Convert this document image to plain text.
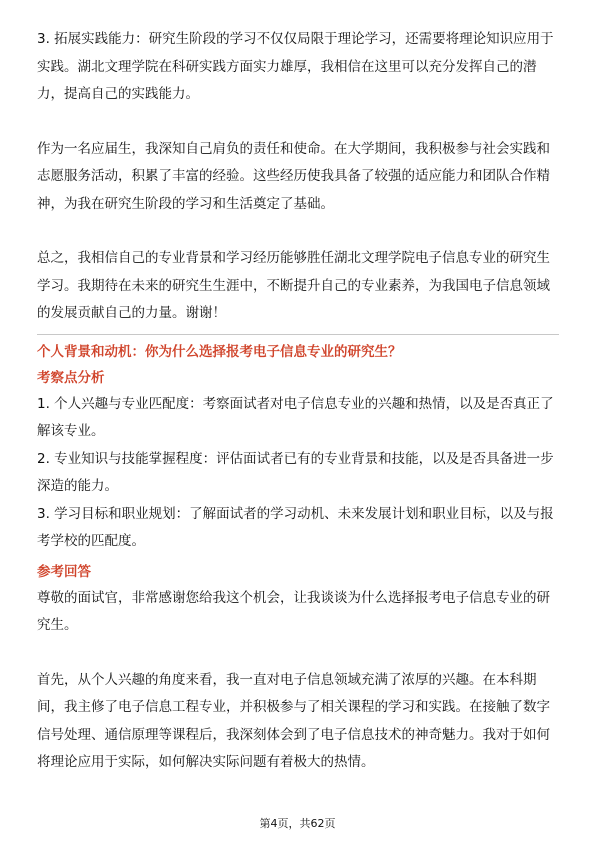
3. 拓展实践能力：研究生阶段的学习不仅仅局限于理论学习，还需要将理论知识应用于实践。湖北文理学院在科研实践方面实力雄厚，我相信在这里可以充分发挥自己的潜力，提高自己的实践能力。

作为一名应届生，我深知自己肩负的责任和使命。在大学期间，我积极参与社会实践和志愿服务活动，积累了丰富的经验。这些经历使我具备了较强的适应能力和团队合作精神，为我在研究生阶段的学习和生活奠定了基础。

总之，我相信自己的专业背景和学习经历能够胜任湖北文理学院电子信息专业的研究生学习。我期待在未来的研究生生涯中，不断提升自己的专业素养，为我国电子信息领域的发展贡献自己的力量。谢谢！

个人背景和动机：你为什么选择报考电子信息专业的研究生？

考察点分析

1. 个人兴趣与专业匹配度：考察面试者对电子信息专业的兴趣和热情，以及是否真正了解该专业。

2. 专业知识与技能掌握程度：评估面试者已有的专业背景和技能，以及是否具备进一步深造的能力。

3. 学习目标和职业规划：了解面试者的学习动机、未来发展计划和职业目标，以及与报考学校的匹配度。

参考回答

尊敬的面试官，非常感谢您给我这个机会，让我谈谈为什么选择报考电子信息专业的研究生。

首先，从个人兴趣的角度来看，我一直对电子信息领域充满了浓厚的兴趣。在本科期间，我主修了电子信息工程专业，并积极参与了相关课程的学习和实践。在接触了数字信号处理、通信原理等课程后，我深刻体会到了电子信息技术的神奇魅力。我对于如何将理论应用于实际，如何解决实际问题有着极大的热情。

第4页，共62页
